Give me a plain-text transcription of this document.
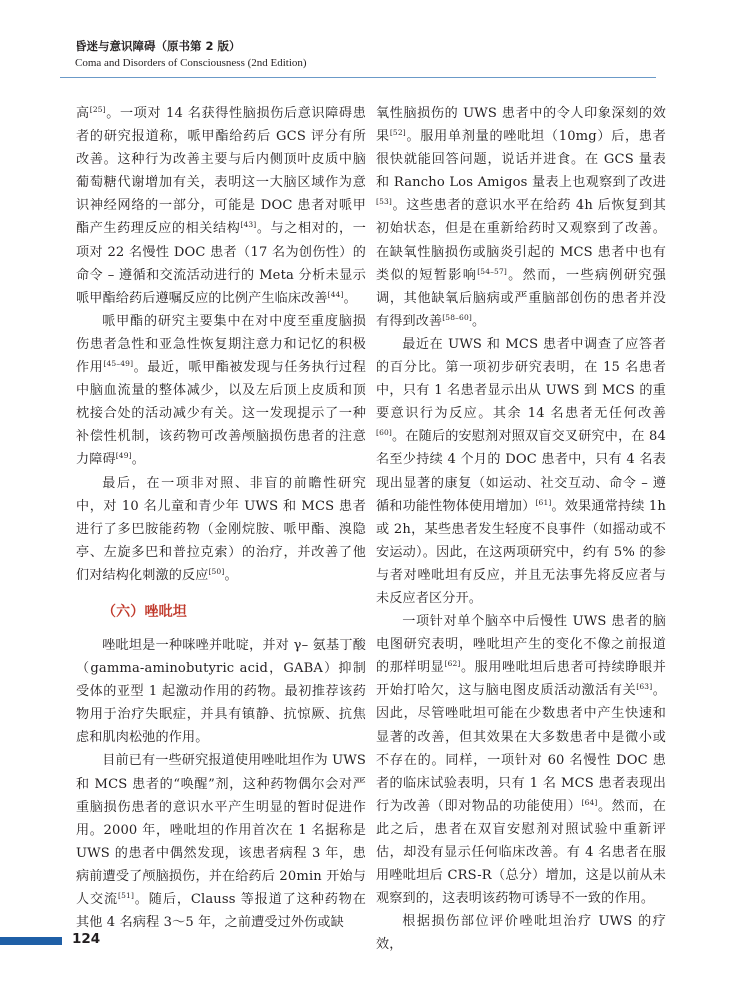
昏迷与意识障碍（原书第 2 版）
Coma and Disorders of Consciousness (2nd Edition)

高[25]。一项对 14 名获得性脑损伤后意识障碍患者的研究报道称，哌甲酯给药后 GCS 评分有所改善。这种行为改善主要与后内侧顶叶皮质中脑葡萄糖代谢增加有关，表明这一大脑区域作为意识神经网络的一部分，可能是 DOC 患者对哌甲酯产生药理反应的相关结构[43]。与之相对的，一项对 22 名慢性 DOC 患者（17 名为创伤性）的命令 – 遵循和交流活动进行的 Meta 分析未显示哌甲酯给药后遵嘱反应的比例产生临床改善[44]。

哌甲酯的研究主要集中在对中度至重度脑损伤患者急性和亚急性恢复期注意力和记忆的积极作用[45–49]。最近，哌甲酯被发现与任务执行过程中脑血流量的整体减少，以及左后顶上皮质和顶枕接合处的活动减少有关。这一发现提示了一种补偿性机制，该药物可改善颅脑损伤患者的注意力障碍[49]。

最后，在一项非对照、非盲的前瞻性研究中，对 10 名儿童和青少年 UWS 和 MCS 患者进行了多巴胺能药物（金刚烷胺、哌甲酯、溴隐亭、左旋多巴和普拉克索）的治疗，并改善了他们对结构化刺激的反应[50]。

（六）唑吡坦

唑吡坦是一种咪唑并吡啶，并对 γ– 氨基丁酸（gamma-aminobutyric acid，GABA）抑制受体的亚型 1 起激动作用的药物。最初推荐该药物用于治疗失眠症，并具有镇静、抗惊厥、抗焦虑和肌肉松弛的作用。

目前已有一些研究报道使用唑吡坦作为 UWS 和 MCS 患者的“唤醒”剂，这种药物偶尔会对严重脑损伤患者的意识水平产生明显的暂时促进作用。2000 年，唑吡坦的作用首次在 1 名据称是 UWS 的患者中偶然发现，该患者病程 3 年，患病前遭受了颅脑损伤，并在给药后 20min 开始与人交流[51]。随后，Clauss 等报道了这种药物在其他 4 名病程 3～5 年，之前遭受过外伤或缺

氧性脑损伤的 UWS 患者中的令人印象深刻的效果[52]。服用单剂量的唑吡坦（10mg）后，患者很快就能回答问题，说话并进食。在 GCS 量表和 Rancho Los Amigos 量表上也观察到了改进[53]。这些患者的意识水平在给药 4h 后恢复到其初始状态，但是在重新给药时又观察到了改善。在缺氧性脑损伤或脑炎引起的 MCS 患者中也有类似的短暂影响[54–57]。然而，一些病例研究强调，其他缺氧后脑病或严重脑部创伤的患者并没有得到改善[58–60]。

最近在 UWS 和 MCS 患者中调查了应答者的百分比。第一项初步研究表明，在 15 名患者中，只有 1 名患者显示出从 UWS 到 MCS 的重要意识行为反应。其余 14 名患者无任何改善[60]。在随后的安慰剂对照双盲交叉研究中，在 84 名至少持续 4 个月的 DOC 患者中，只有 4 名表现出显著的康复（如运动、社交互动、命令 – 遵循和功能性物体使用增加）[61]。效果通常持续 1h 或 2h，某些患者发生轻度不良事件（如摇动或不安运动）。因此，在这两项研究中，约有 5% 的参与者对唑吡坦有反应，并且无法事先将反应者与未反应者区分开。

一项针对单个脑卒中后慢性 UWS 患者的脑电图研究表明，唑吡坦产生的变化不像之前报道的那样明显[62]。服用唑吡坦后患者可持续睁眼并开始打哈欠，这与脑电图皮质活动激活有关[63]。因此，尽管唑吡坦可能在少数患者中产生快速和显著的改善，但其效果在大多数患者中是微小或不存在的。同样，一项针对 60 名慢性 DOC 患者的临床试验表明，只有 1 名 MCS 患者表现出行为改善（即对物品的功能使用）[64]。然而，在此之后，患者在双盲安慰剂对照试验中重新评估，却没有显示任何临床改善。有 4 名患者在服用唑吡坦后 CRS-R（总分）增加，这是以前从未观察到的，这表明该药物可诱导不一致的作用。

根据损伤部位评价唑吡坦治疗 UWS 的疗效，

124
